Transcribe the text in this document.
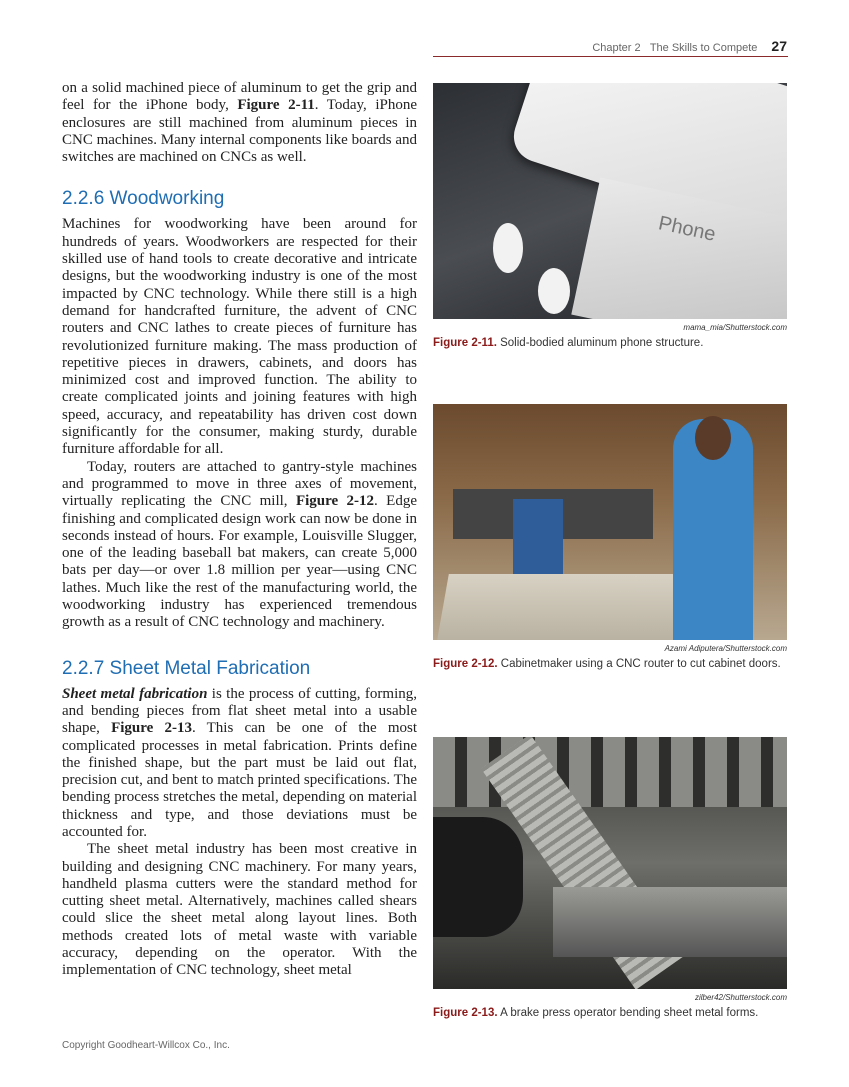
Chapter 2 The Skills to Compete 27

on a solid machined piece of aluminum to get the grip and feel for the iPhone body, Figure 2-11. Today, iPhone enclosures are still machined from aluminum pieces in CNC machines. Many internal components like boards and switches are machined on CNCs as well.

2.2.6 Woodworking

Machines for woodworking have been around for hundreds of years. Woodworkers are respected for their skilled use of hand tools to create decorative and intricate designs, but the woodworking industry is one of the most impacted by CNC technology. While there still is a high demand for handcrafted furniture, the advent of CNC routers and CNC lathes to create pieces of furniture has revolutionized furniture making. The mass production of repetitive pieces in drawers, cabinets, and doors has minimized cost and improved function. The ability to create complicated joints and joining features with high speed, accuracy, and repeatability has driven cost down significantly for the consumer, making sturdy, durable furniture affordable for all.

Today, routers are attached to gantry-style machines and programmed to move in three axes of movement, virtually replicating the CNC mill, Figure 2-12. Edge finishing and complicated design work can now be done in seconds instead of hours. For example, Louisville Slugger, one of the leading baseball bat makers, can create 5,000 bats per day—or over 1.8 million per year—using CNC lathes. Much like the rest of the manufacturing world, the woodworking industry has experienced tremendous growth as a result of CNC technology and machinery.

2.2.7 Sheet Metal Fabrication

Sheet metal fabrication is the process of cutting, forming, and bending pieces from flat sheet metal into a usable shape, Figure 2-13. This can be one of the most complicated processes in metal fabrication. Prints define the finished shape, but the part must be laid out flat, precision cut, and bent to match printed specifications. The bending process stretches the metal, depending on material thickness and type, and those deviations must be accounted for.

The sheet metal industry has been most creative in building and designing CNC machinery. For many years, handheld plasma cutters were the standard method for cutting sheet metal. Alternatively, machines called shears could slice the sheet metal along layout lines. Both methods created lots of metal waste with variable accuracy, depending on the operator. With the implementation of CNC technology, sheet metal

Phone
mama_mia/Shutterstock.com
Figure 2-11. Solid-bodied aluminum phone structure.
Azami Adiputera/Shutterstock.com
Figure 2-12. Cabinetmaker using a CNC router to cut cabinet doors.
zilber42/Shutterstock.com
Figure 2-13. A brake press operator bending sheet metal forms.
Copyright Goodheart-Willcox Co., Inc.
